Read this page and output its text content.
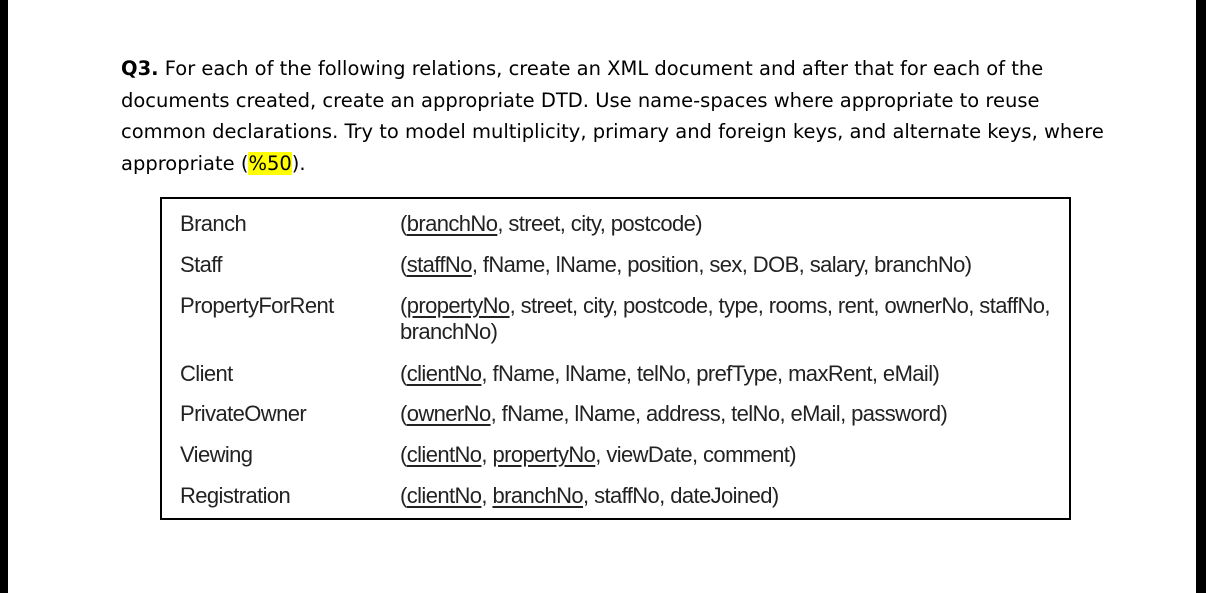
Q3. For each of the following relations, create an XML document and after that for each of the documents created, create an appropriate DTD. Use name-spaces where appropriate to reuse common declarations. Try to model multiplicity, primary and foreign keys, and alternate keys, where appropriate (%50).
Branch	(branchNo, street, city, postcode)
Staff	(staffNo, fName, lName, position, sex, DOB, salary, branchNo)
PropertyForRent	(propertyNo, street, city, postcode, type, rooms, rent, ownerNo, staffNo, branchNo)
Client	(clientNo, fName, lName, telNo, prefType, maxRent, eMail)
PrivateOwner	(ownerNo, fName, lName, address, telNo, eMail, password)
Viewing	(clientNo, propertyNo, viewDate, comment)
Registration	(clientNo, branchNo, staffNo, dateJoined)
